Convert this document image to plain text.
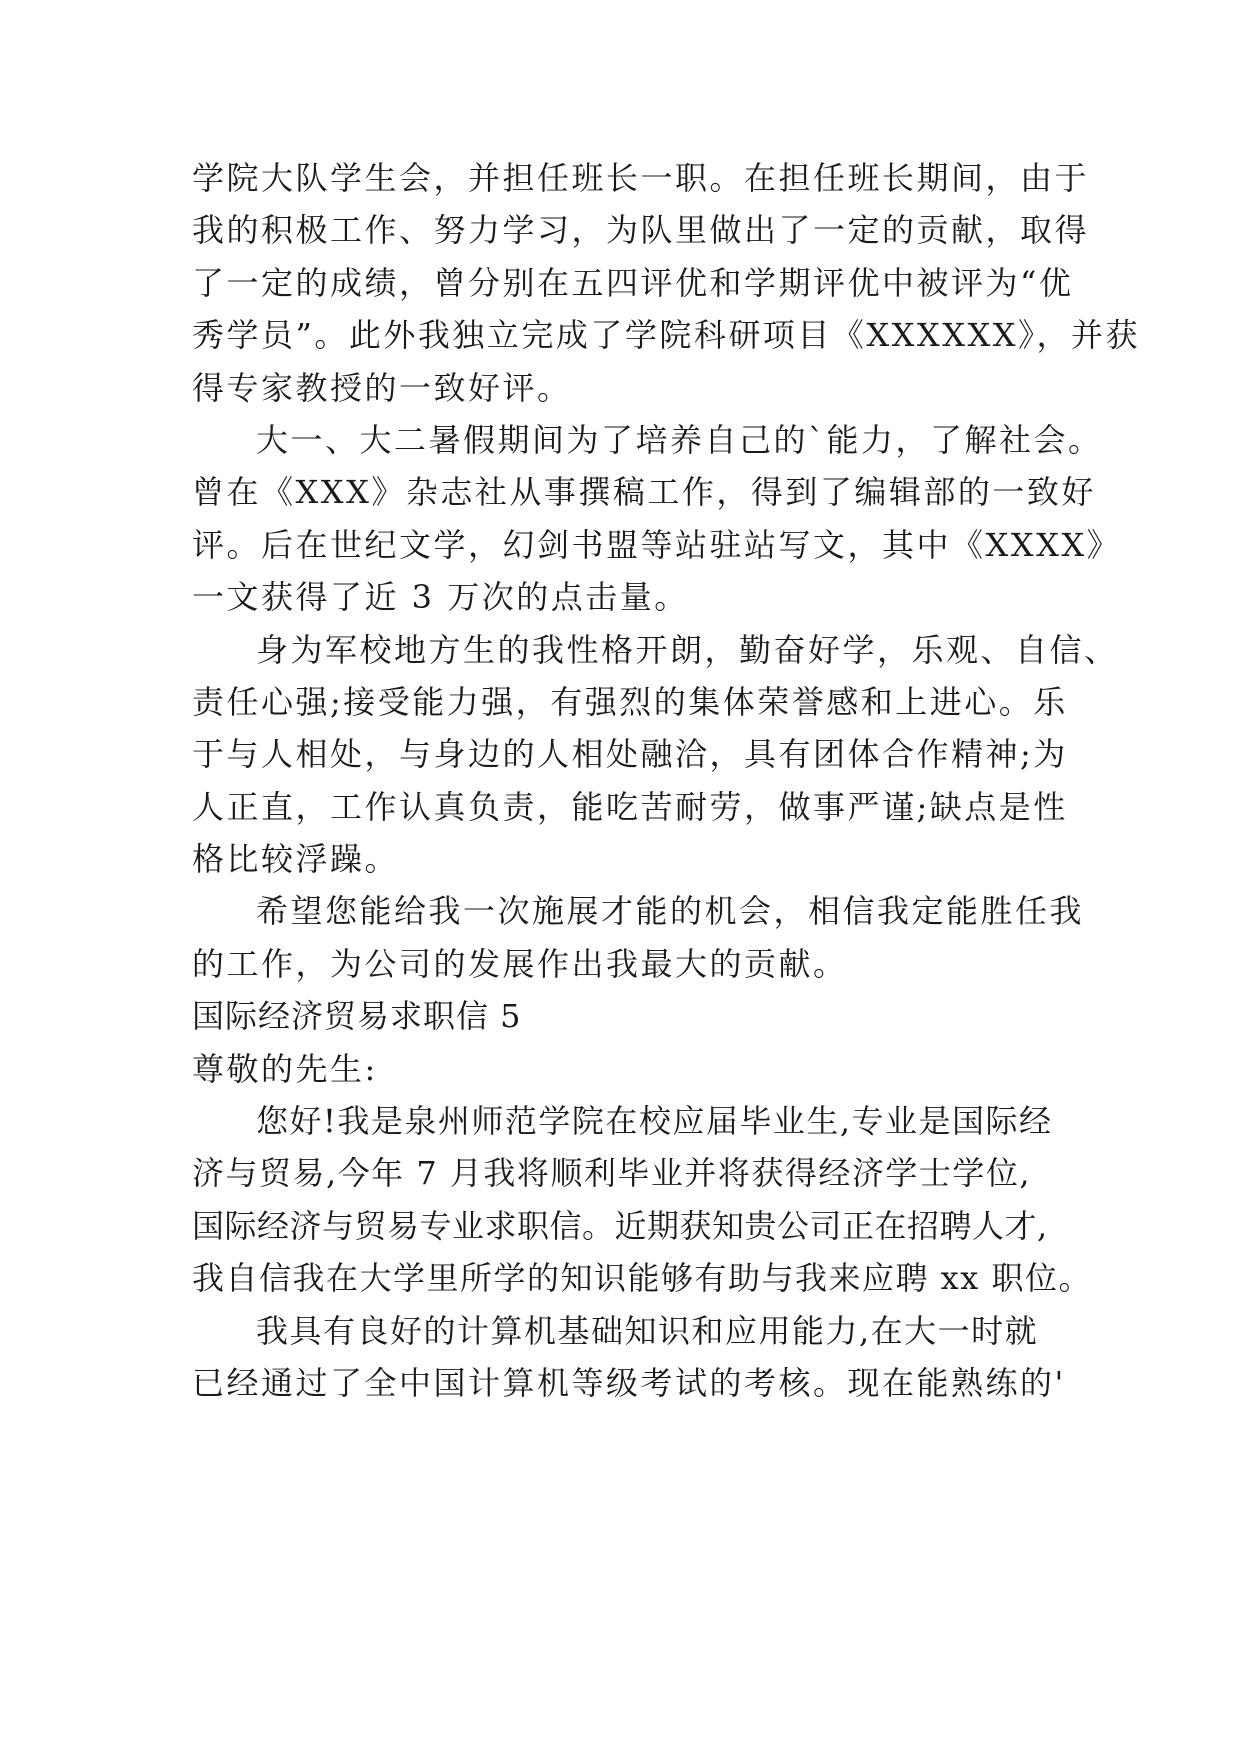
学院大队学生会，并担任班长一职。在担任班长期间，由于
我的积极工作、努力学习，为队里做出了一定的贡献，取得
了一定的成绩，曾分别在五四评优和学期评优中被评为“优
秀学员”。此外我独立完成了学院科研项目《XXXXXX》，并获
得专家教授的一致好评。
大一、大二暑假期间为了培养自己的`能力，了解社会。
曾在《XXX》杂志社从事撰稿工作，得到了编辑部的一致好
评。后在世纪文学，幻剑书盟等站驻站写文，其中《XXXX》
一文获得了近 3 万次的点击量。
身为军校地方生的我性格开朗，勤奋好学，乐观、自信、
责任心强;接受能力强，有强烈的集体荣誉感和上进心。乐
于与人相处，与身边的人相处融洽，具有团体合作精神;为
人正直，工作认真负责，能吃苦耐劳，做事严谨;缺点是性
格比较浮躁。
希望您能给我一次施展才能的机会，相信我定能胜任我
的工作，为公司的发展作出我最大的贡献。
国际经济贸易求职信 5
尊敬的先生:
您好!我是泉州师范学院在校应届毕业生,专业是国际经
济与贸易,今年 7 月我将顺利毕业并将获得经济学士学位,
国际经济与贸易专业求职信。近期获知贵公司正在招聘人才,
我自信我在大学里所学的知识能够有助与我来应聘 xx 职位。
我具有良好的计算机基础知识和应用能力,在大一时就
已经通过了全中国计算机等级考试的考核。现在能熟练的'
